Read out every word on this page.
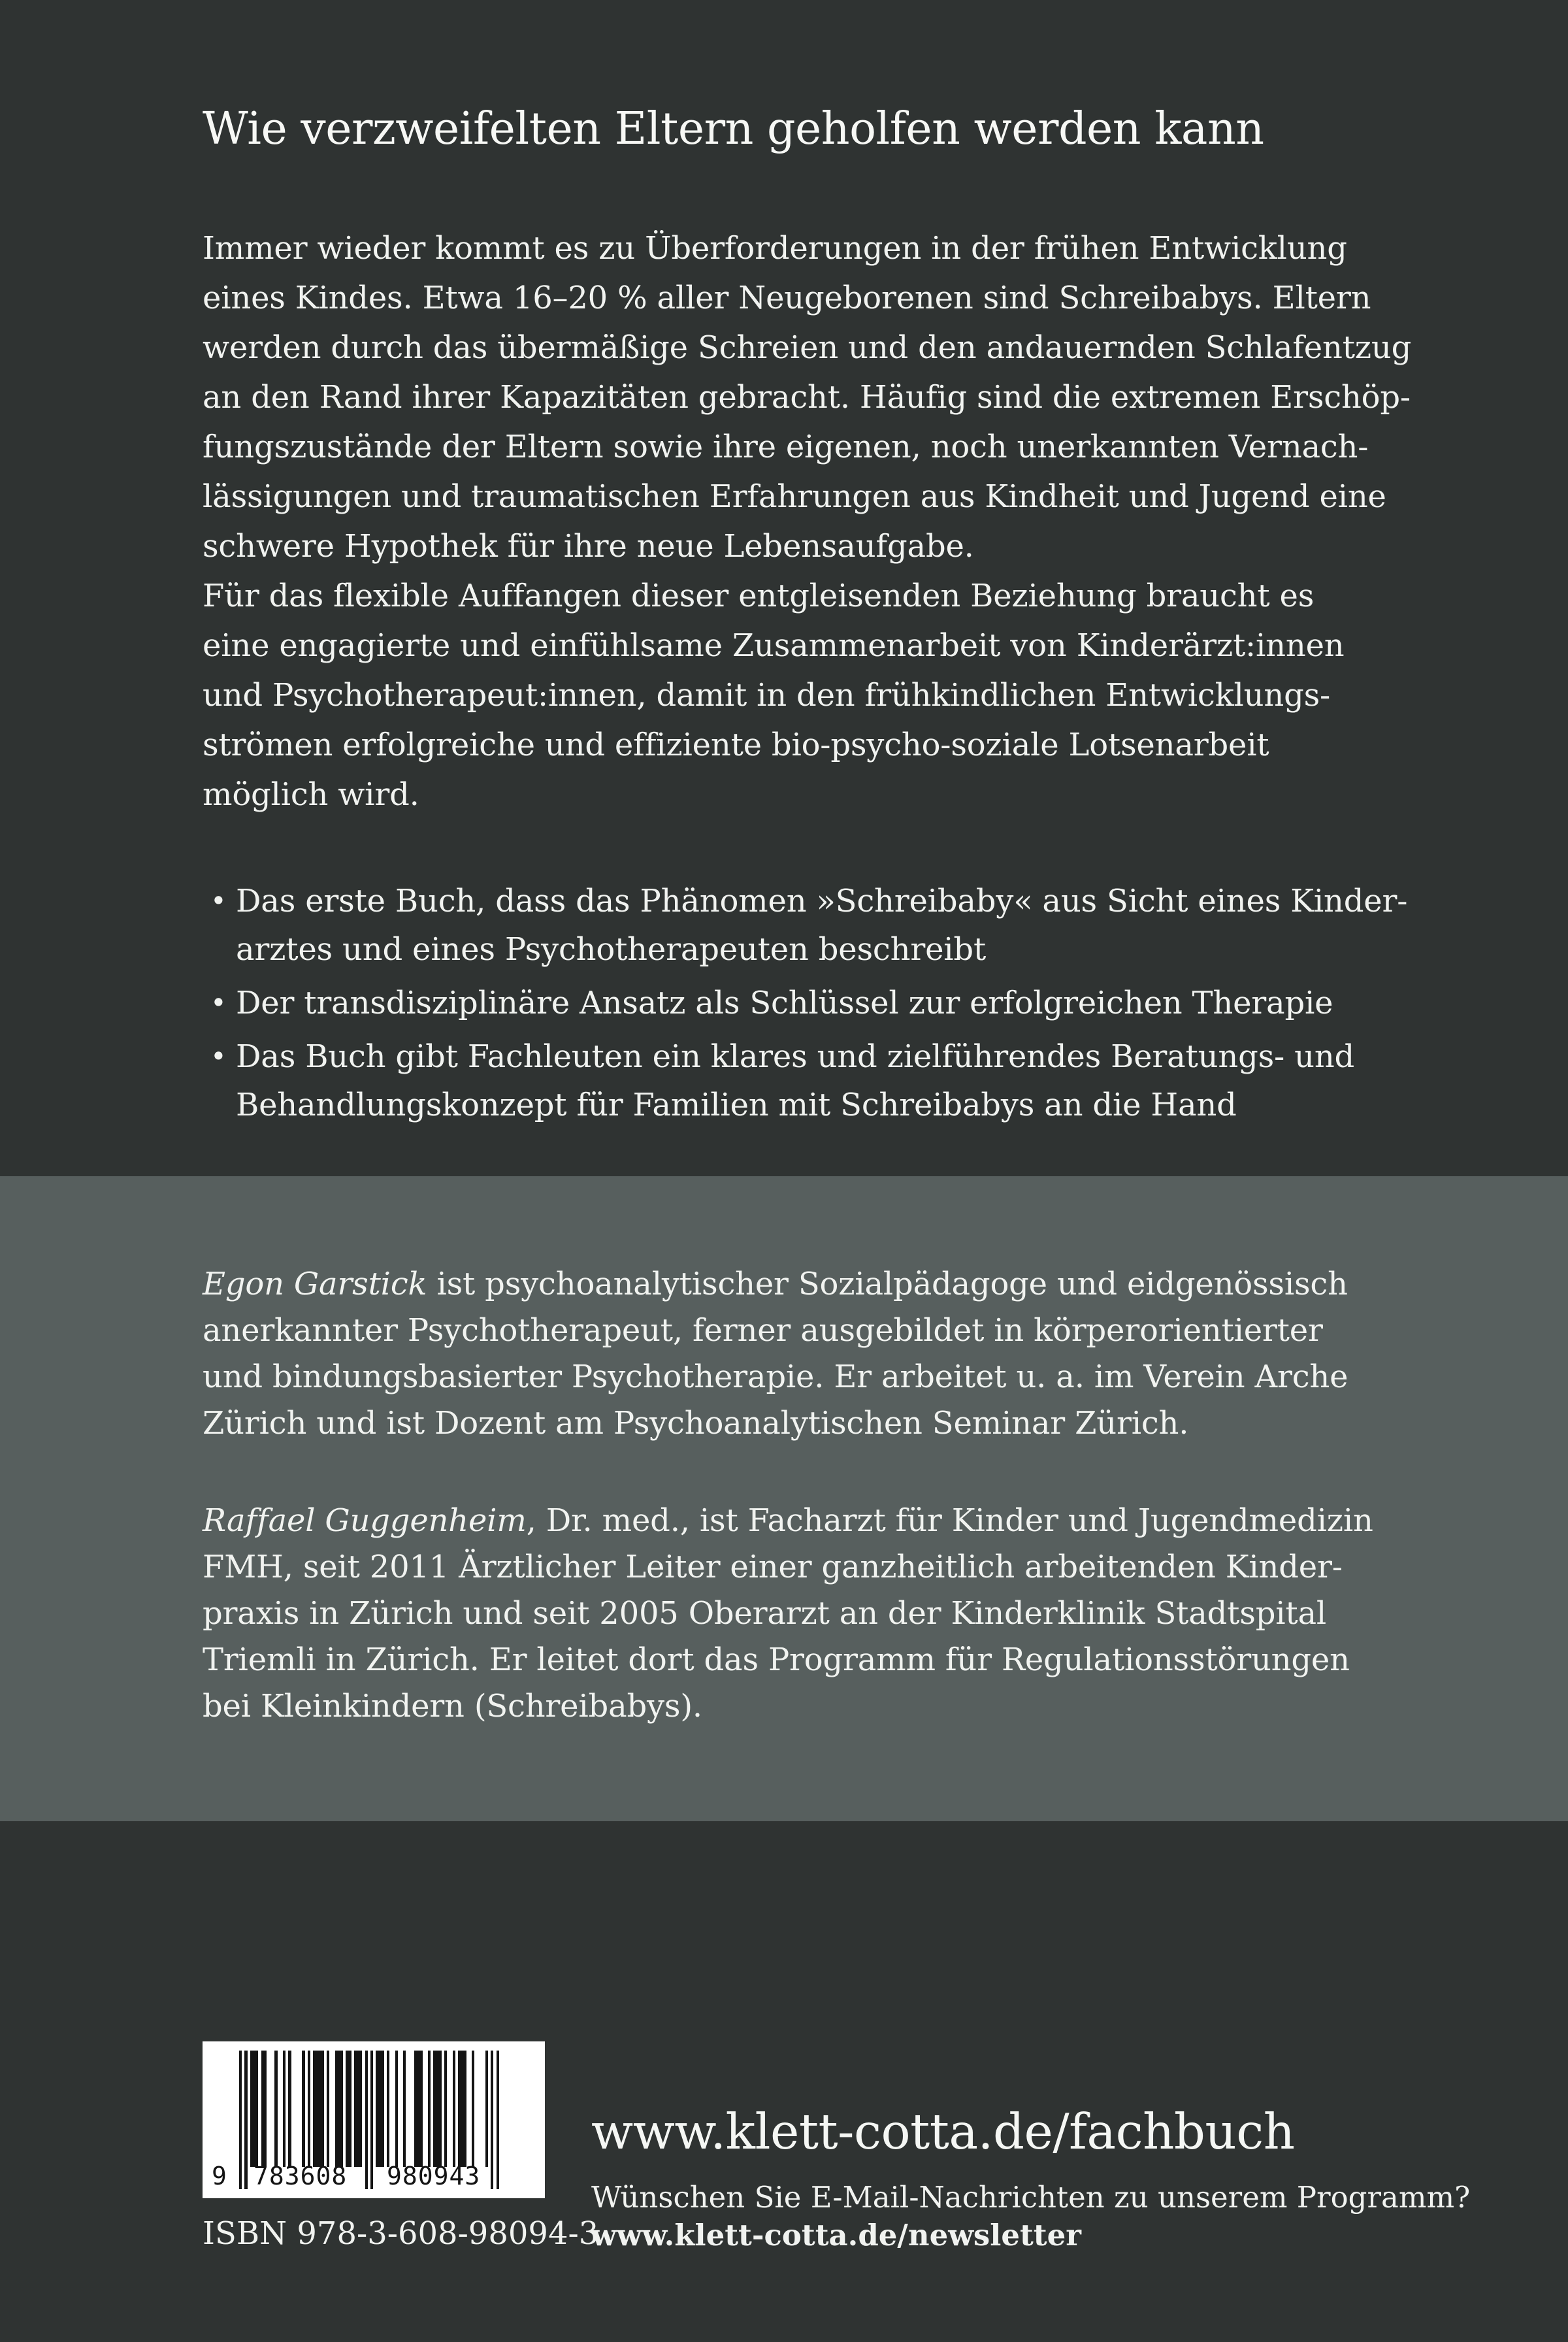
Wie verzweifelten Eltern geholfen werden kann
Immer wieder kommt es zu Überforderungen in der frühen Entwicklung
eines Kindes. Etwa 16–20 % aller Neugeborenen sind Schreibabys. Eltern
werden durch das übermäßige Schreien und den andauernden Schlafentzug
an den Rand ihrer Kapazitäten gebracht. Häufig sind die extremen Erschöp-
fungszustände der Eltern sowie ihre eigenen, noch unerkannten Vernach-
lässigungen und traumatischen Erfahrungen aus Kindheit und Jugend eine
schwere Hypothek für ihre neue Lebensaufgabe.
Für das flexible Auffangen dieser entgleisenden Beziehung braucht es
eine engagierte und einfühlsame Zusammenarbeit von Kinderärzt:innen
und Psychotherapeut:innen, damit in den frühkindlichen Entwicklungs-
strömen erfolgreiche und effiziente bio-psycho-soziale Lotsenarbeit
möglich wird.
• Das erste Buch, dass das Phänomen »Schreibaby« aus Sicht eines Kinder-
arztes und eines Psychotherapeuten beschreibt
• Der transdisziplinäre Ansatz als Schlüssel zur erfolgreichen Therapie
• Das Buch gibt Fachleuten ein klares und zielführendes Beratungs- und
Behandlungskonzept für Familien mit Schreibabys an die Hand
Egon Garstick ist psychoanalytischer Sozialpädagoge und eidgenössisch
anerkannter Psychotherapeut, ferner ausgebildet in körperorientierter
und bindungsbasierter Psychotherapie. Er arbeitet u. a. im Verein Arche
Zürich und ist Dozent am Psychoanalytischen Seminar Zürich.
Raffael Guggenheim, Dr. med., ist Facharzt für Kinder und Jugendmedizin
FMH, seit 2011 Ärztlicher Leiter einer ganzheitlich arbeitenden Kinder-
praxis in Zürich und seit 2005 Oberarzt an der Kinderklinik Stadtspital
Triemli in Zürich. Er leitet dort das Programm für Regulationsstörungen
bei Kleinkindern (Schreibabys).
9 783608 980943
ISBN 978-3-608-98094-3
www.klett-cotta.de/fachbuch
Wünschen Sie E-Mail-Nachrichten zu unserem Programm?
www.klett-cotta.de/newsletter
